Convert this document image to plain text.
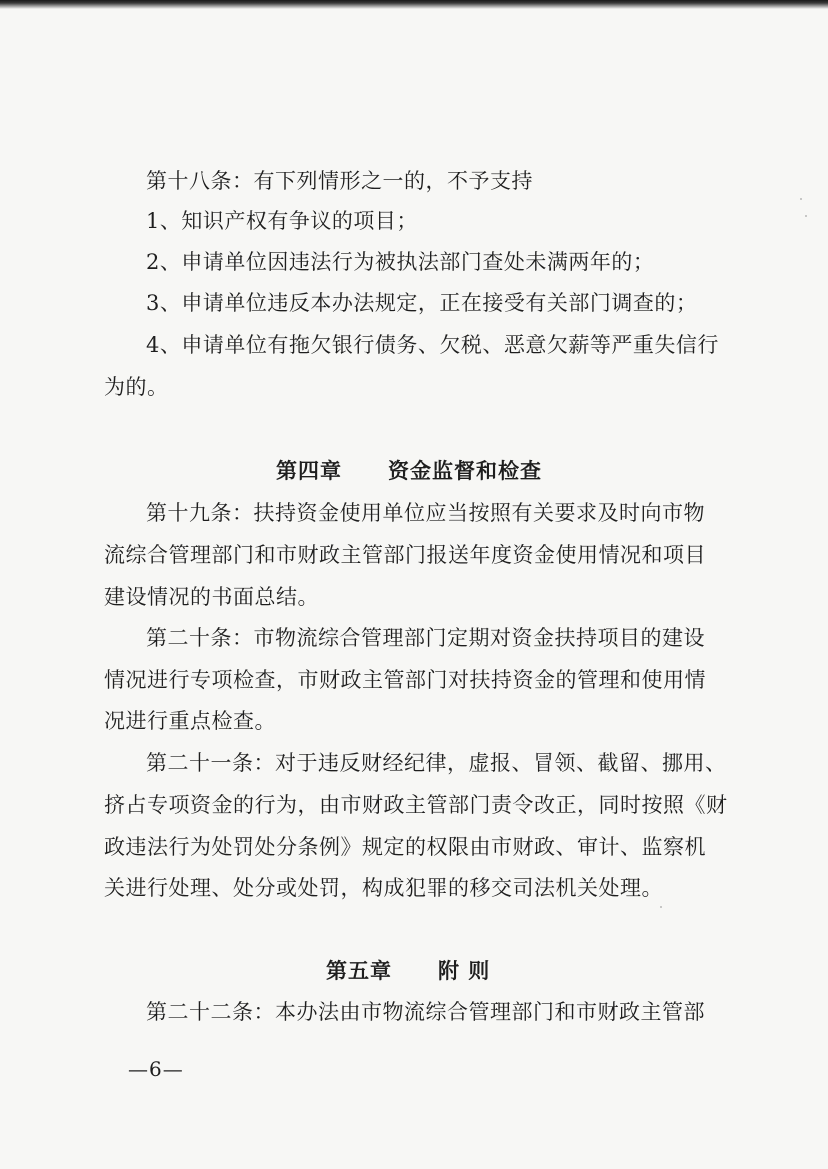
第十八条：有下列情形之一的，不予支持
1、知识产权有争议的项目；
2、申请单位因违法行为被执法部门查处未满两年的；
3、申请单位违反本办法规定，正在接受有关部门调查的；
4、申请单位有拖欠银行债务、欠税、恶意欠薪等严重失信行
为的。
第四章 资金监督和检查
第十九条：扶持资金使用单位应当按照有关要求及时向市物
流综合管理部门和市财政主管部门报送年度资金使用情况和项目
建设情况的书面总结。
第二十条：市物流综合管理部门定期对资金扶持项目的建设
情况进行专项检查，市财政主管部门对扶持资金的管理和使用情
况进行重点检查。
第二十一条：对于违反财经纪律，虚报、冒领、截留、挪用、
挤占专项资金的行为，由市财政主管部门责令改正，同时按照《财
政违法行为处罚处分条例》规定的权限由市财政、审计、监察机
关进行处理、处分或处罚，构成犯罪的移交司法机关处理。
第五章 附 则
第二十二条：本办法由市物流综合管理部门和市财政主管部
—6—
